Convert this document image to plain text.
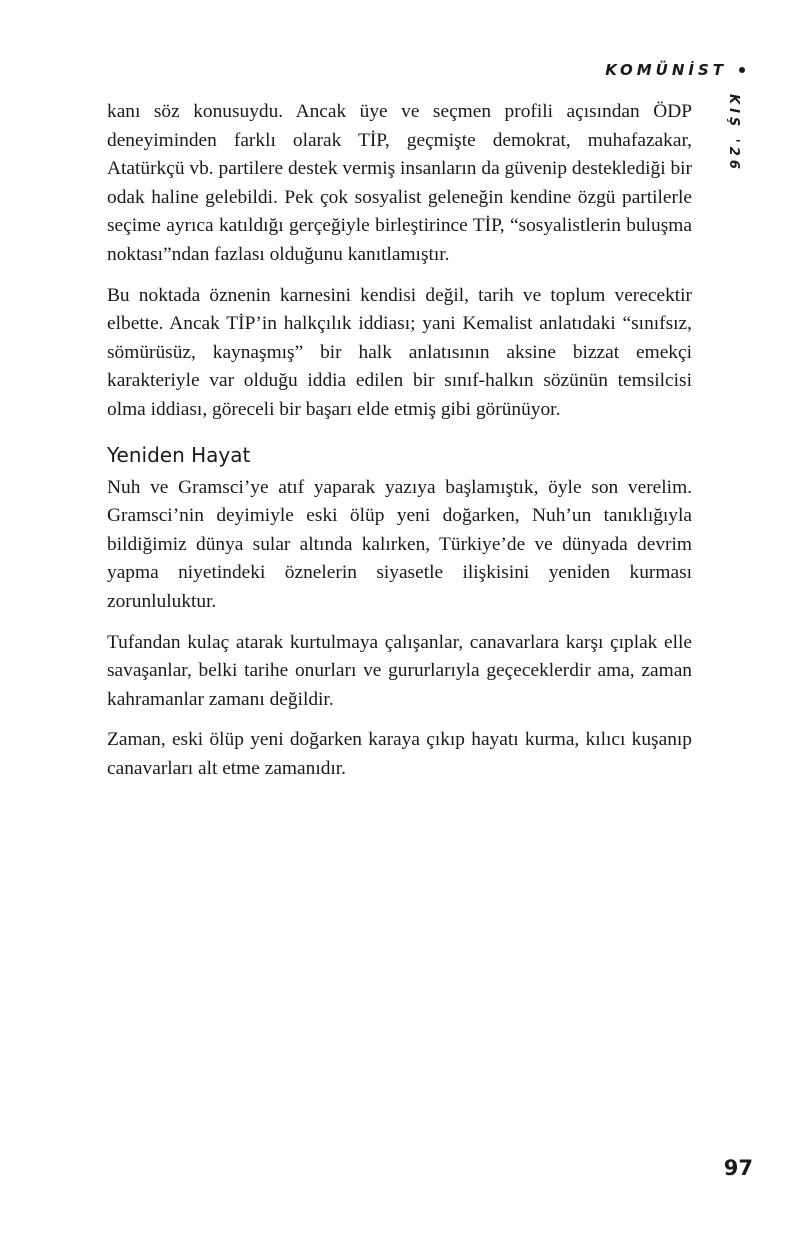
KOMÜNİST
KIŞ '26

kanı söz konusuydu. Ancak üye ve seçmen profili açısından ÖDP deneyiminden farklı olarak TİP, geçmişte demokrat, muhafazakar, Atatürkçü vb. partilere destek vermiş insanların da güvenip desteklediği bir odak haline gelebildi. Pek çok sosyalist geleneğin kendine özgü partilerle seçime ayrıca katıldığı gerçeğiyle birleştirince TİP, “sosyalistlerin buluşma noktası”ndan fazlası olduğunu kanıtlamıştır.

Bu noktada öznenin karnesini kendisi değil, tarih ve toplum verecektir elbette. Ancak TİP’in halkçılık iddiası; yani Kemalist anlatıdaki “sınıfsız, sömürüsüz, kaynaşmış” bir halk anlatısının aksine bizzat emekçi karakteriyle var olduğu iddia edilen bir sınıf-halkın sözünün temsilcisi olma iddiası, göreceli bir başarı elde etmiş gibi görünüyor.

Yeniden Hayat

Nuh ve Gramsci’ye atıf yaparak yazıya başlamıştık, öyle son verelim. Gramsci’nin deyimiyle eski ölüp yeni doğarken, Nuh’un tanıklığıyla bildiğimiz dünya sular altında kalırken, Türkiye’de ve dünyada devrim yapma niyetindeki öznelerin siyasetle ilişkisini yeniden kurması zorunluluktur.

Tufandan kulaç atarak kurtulmaya çalışanlar, canavarlara karşı çıplak elle savaşanlar, belki tarihe onurları ve gururlarıyla geçeceklerdir ama, zaman kahramanlar zamanı değildir.

Zaman, eski ölüp yeni doğarken karaya çıkıp hayatı kurma, kılıcı kuşanıp canavarları alt etme zamanıdır.

97
